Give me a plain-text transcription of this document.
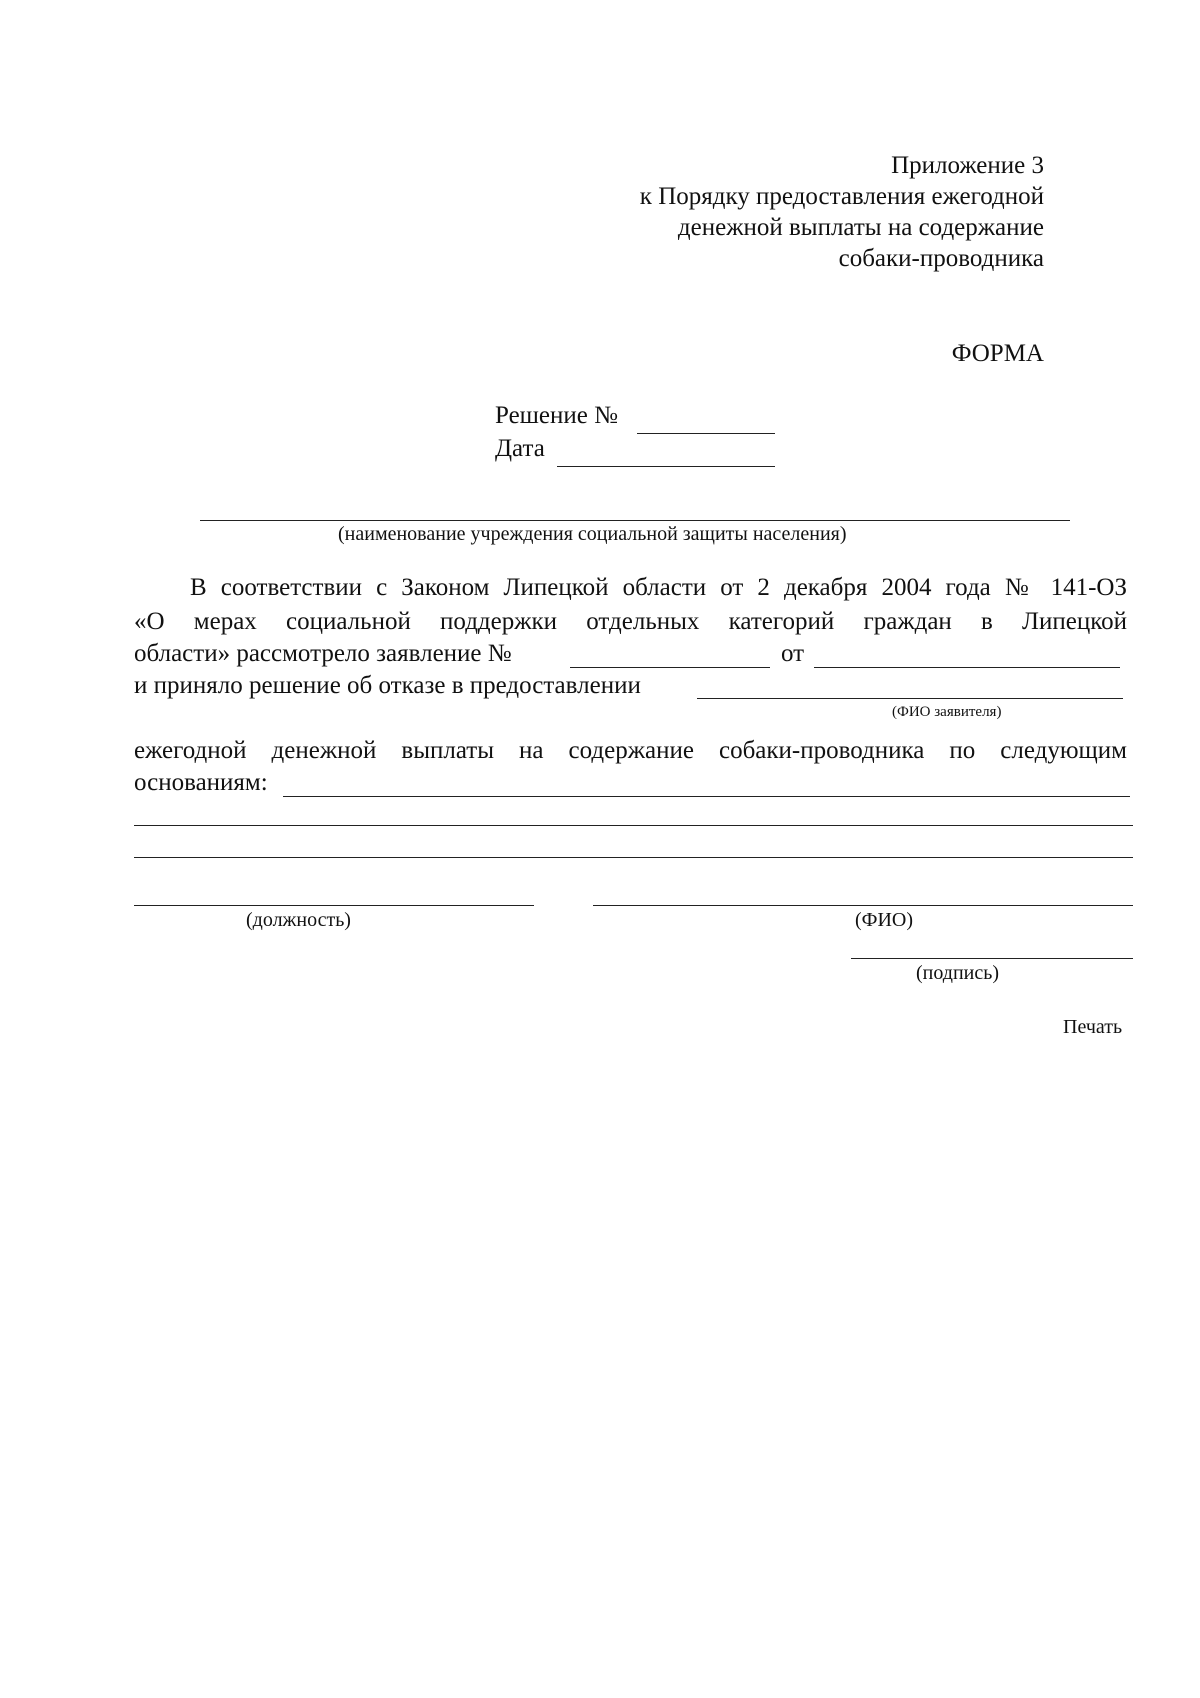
Приложение 3
к Порядку предоставления ежегодной
денежной выплаты на содержание
собаки-проводника
ФОРМА
Решение №
Дата
(наименование учреждения социальной защиты населения)
В соответствии с Законом Липецкой области от 2 декабря 2004 года № 141-ОЗ
«О мерах социальной поддержки отдельных категорий граждан в Липецкой
области» рассмотрело заявление №	от
и приняло решение об отказе в предоставлении
(ФИО заявителя)
ежегодной денежной выплаты на содержание собаки-проводника по следующим
основаниям:
(должность)	(ФИО)
(подпись)
Печать
